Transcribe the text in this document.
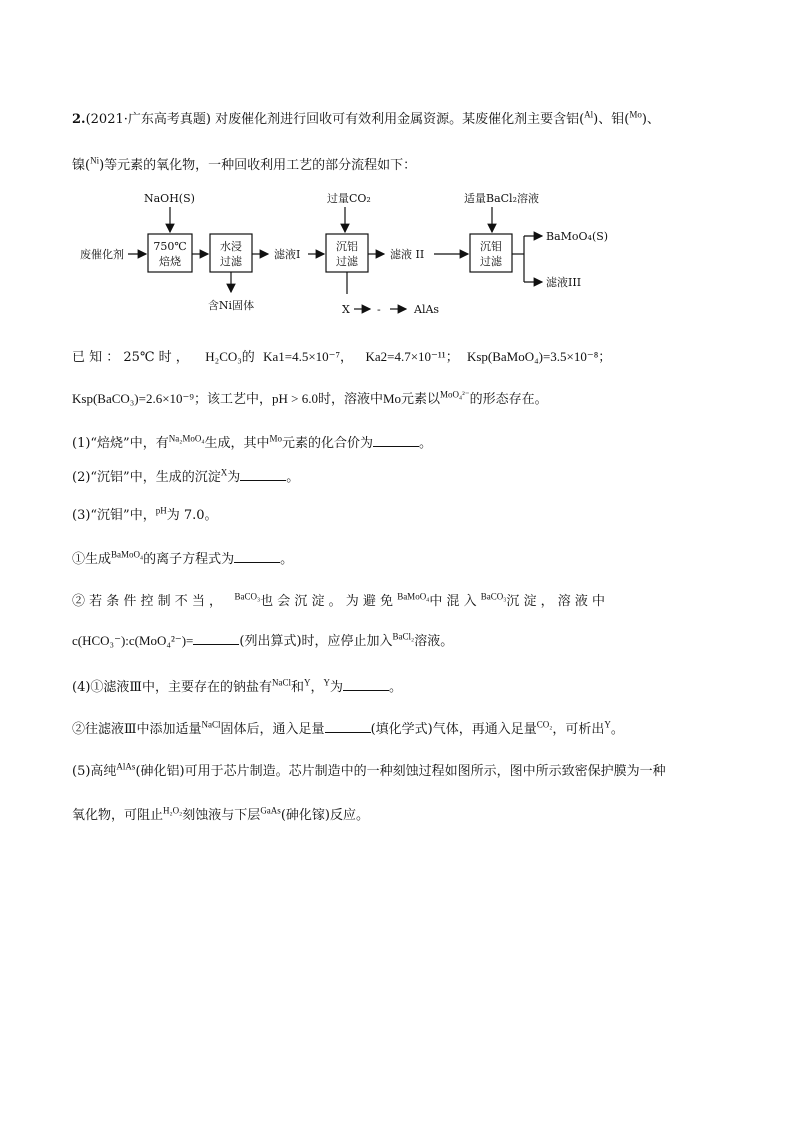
2.(2021·广东高考真题) 对废催化剂进行回收可有效利用金属资源。某废催化剂主要含铝($^{Al}$)、钼($^{Mo}$)、
镍($^{Ni}$)等元素的氧化物，一种回收利用工艺的部分流程如下：
NaOH(S)	过量CO₂	适量BaCl₂溶液
废催化剂
750℃
焙烧
水浸
过滤
含Ni固体
滤液I
沉铝
过滤
X -	AlAs
滤液 II
沉钼
过滤
BaMoO₄(S)
滤液III
已 知 ： 25℃ 时 ， H₂CO₃的 Ka1=4.5×10⁻⁷，   Ka2=4.7×10⁻¹¹；  Ksp(BaMoO₄)=3.5×10⁻⁸；
Ksp(BaCO₃)=2.6×10⁻⁹；该工艺中，pH > 6.0时，溶液中Mo元素以$^{MoO_4^{2-}}$的形态存在。
(1)“焙烧”中，有$^{Na_2MoO_4}$生成，其中$^{Mo}$元素的化合价为	。
(2)“沉铝”中，生成的沉淀$^X$为	。
(3)“沉钼”中，$^{pH}$为 7.0。
①生成$^{BaMoO_4}$的离子方程式为	。
② 若 条 件 控 制 不 当 ， $^{BaCO_3}$也 会 沉 淀 。 为 避 免 $^{BaMoO_4}$中 混 入 $^{BaCO_3}$沉 淀 ， 溶 液 中
c(HCO₃⁻):c(MoO₄²⁻)=	(列出算式)时，应停止加入$^{BaCl_2}$溶液。
(4)①滤液Ⅲ中，主要存在的钠盐有$^{NaCl}$和$^Y$，$^Y$为	。
②往滤液Ⅲ中添加适量$^{NaCl}$固体后，通入足量	(填化学式)气体，再通入足量$^{CO_2}$，可析出$^Y$。
(5)高纯$^{AlAs}$(砷化铝)可用于芯片制造。芯片制造中的一种刻蚀过程如图所示，图中所示致密保护膜为一种
氧化物，可阻止$^{H_2O_2}$刻蚀液与下层$^{GaAs}$(砷化镓)反应。
